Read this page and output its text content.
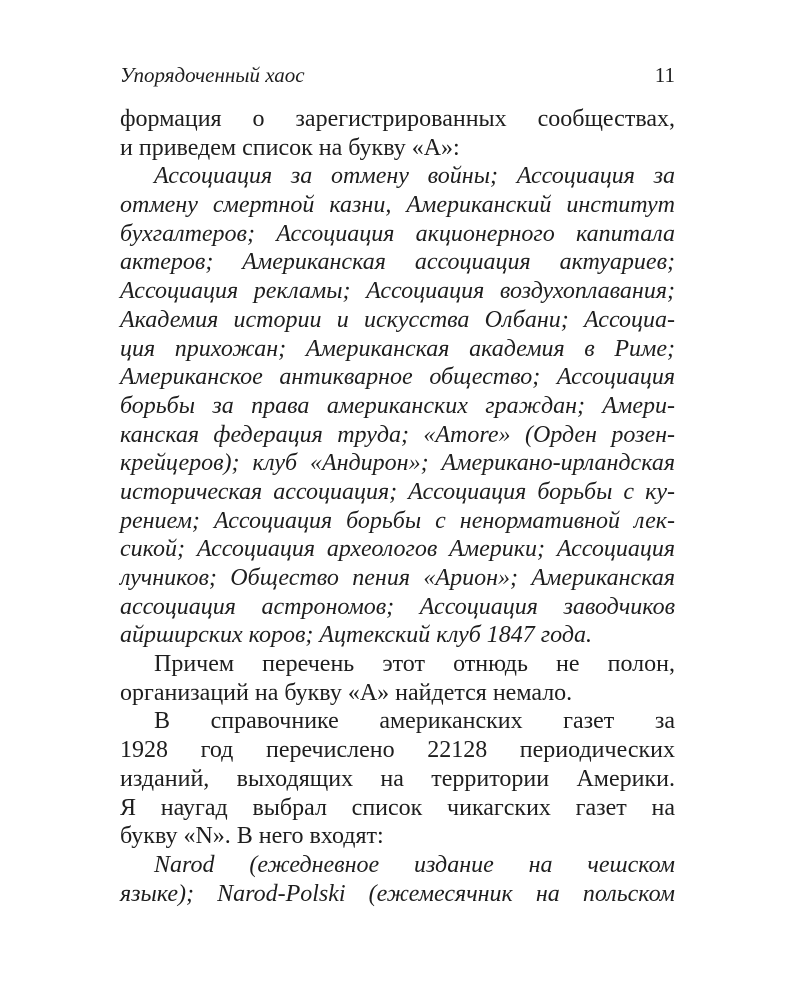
Упорядоченный хаос	11
формация о зарегистрированных сообществах,
и приведем список на букву «А»:
Ассоциация за отмену войны; Ассоциация за
отмену смертной казни, Американский институт
бухгалтеров; Ассоциация акционерного капитала
актеров; Американская ассоциация актуариев;
Ассоциация рекламы; Ассоциация воздухоплавания;
Академия истории и искусства Олбани; Ассоциа-
ция прихожан; Американская академия в Риме;
Американское антикварное общество; Ассоциация
борьбы за права американских граждан; Амери-
канская федерация труда; «Amore» (Орден розен-
крейцеров); клуб «Андирон»; Американо-ирландская
историческая ассоциация; Ассоциация борьбы с ку-
рением; Ассоциация борьбы с ненормативной лек-
сикой; Ассоциация археологов Америки; Ассоциация
лучников; Общество пения «Арион»; Американская
ассоциация астрономов; Ассоциация заводчиков
айрширских коров; Ацтекский клуб 1847 года.
Причем перечень этот отнюдь не полон,
организаций на букву «А» найдется немало.
В справочнике американских газет за
1928 год перечислено 22128 периодических
изданий, выходящих на территории Америки.
Я наугад выбрал список чикагских газет на
букву «N». В него входят:
Narod (ежедневное издание на чешском
языке); Narod-Polski (ежемесячник на польском
